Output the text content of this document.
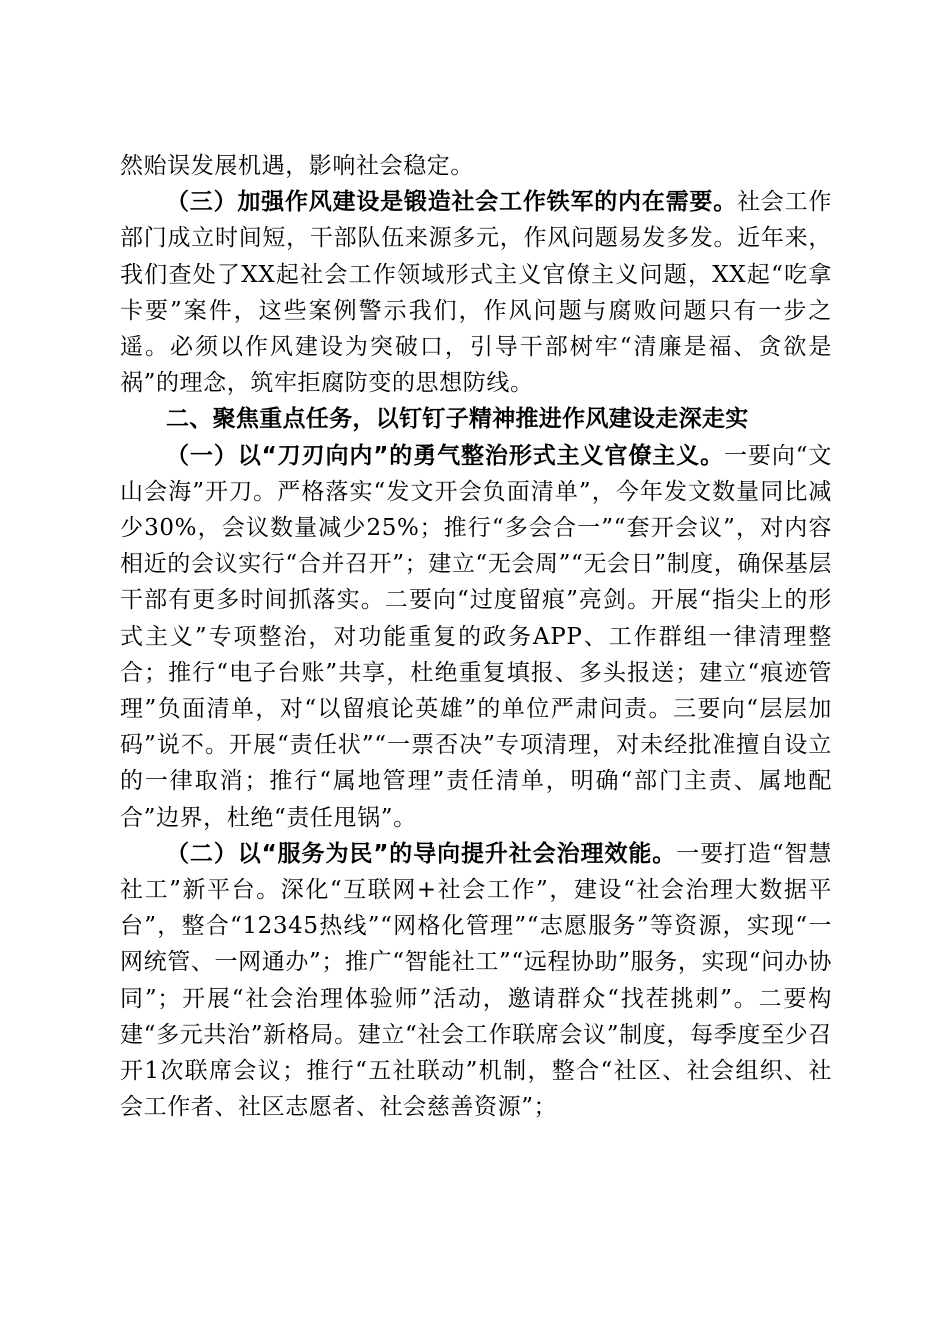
然贻误发展机遇，影响社会稳定。

（三）加强作风建设是锻造社会工作铁军的内在需要。社会工作部门成立时间短，干部队伍来源多元，作风问题易发多发。近年来，我们查处了XX起社会工作领域形式主义官僚主义问题，XX起“吃拿卡要”案件，这些案例警示我们，作风问题与腐败问题只有一步之遥。必须以作风建设为突破口，引导干部树牢“清廉是福、贪欲是祸”的理念，筑牢拒腐防变的思想防线。

二、聚焦重点任务，以钉钉子精神推进作风建设走深走实

（一）以“刀刃向内”的勇气整治形式主义官僚主义。一要向“文山会海”开刀。严格落实“发文开会负面清单”，今年发文数量同比减少30%，会议数量减少25%；推行“多会合一”“套开会议”，对内容相近的会议实行“合并召开”；建立“无会周”“无会日”制度，确保基层干部有更多时间抓落实。二要向“过度留痕”亮剑。开展“指尖上的形式主义”专项整治，对功能重复的政务APP、工作群组一律清理整合；推行“电子台账”共享，杜绝重复填报、多头报送；建立“痕迹管理”负面清单，对“以留痕论英雄”的单位严肃问责。三要向“层层加码”说不。开展“责任状”“一票否决”专项清理，对未经批准擅自设立的一律取消；推行“属地管理”责任清单，明确“部门主责、属地配合”边界，杜绝“责任甩锅”。

（二）以“服务为民”的导向提升社会治理效能。一要打造“智慧社工”新平台。深化“互联网+社会工作”，建设“社会治理大数据平台”，整合“12345热线”“网格化管理”“志愿服务”等资源，实现“一网统管、一网通办”；推广“智能社工”“远程协助”服务，实现“问办协同”；开展“社会治理体验师”活动，邀请群众“找茬挑刺”。二要构建“多元共治”新格局。建立“社会工作联席会议”制度，每季度至少召开1次联席会议；推行“五社联动”机制，整合“社区、社会组织、社会工作者、社区志愿者、社会慈善资源”；
